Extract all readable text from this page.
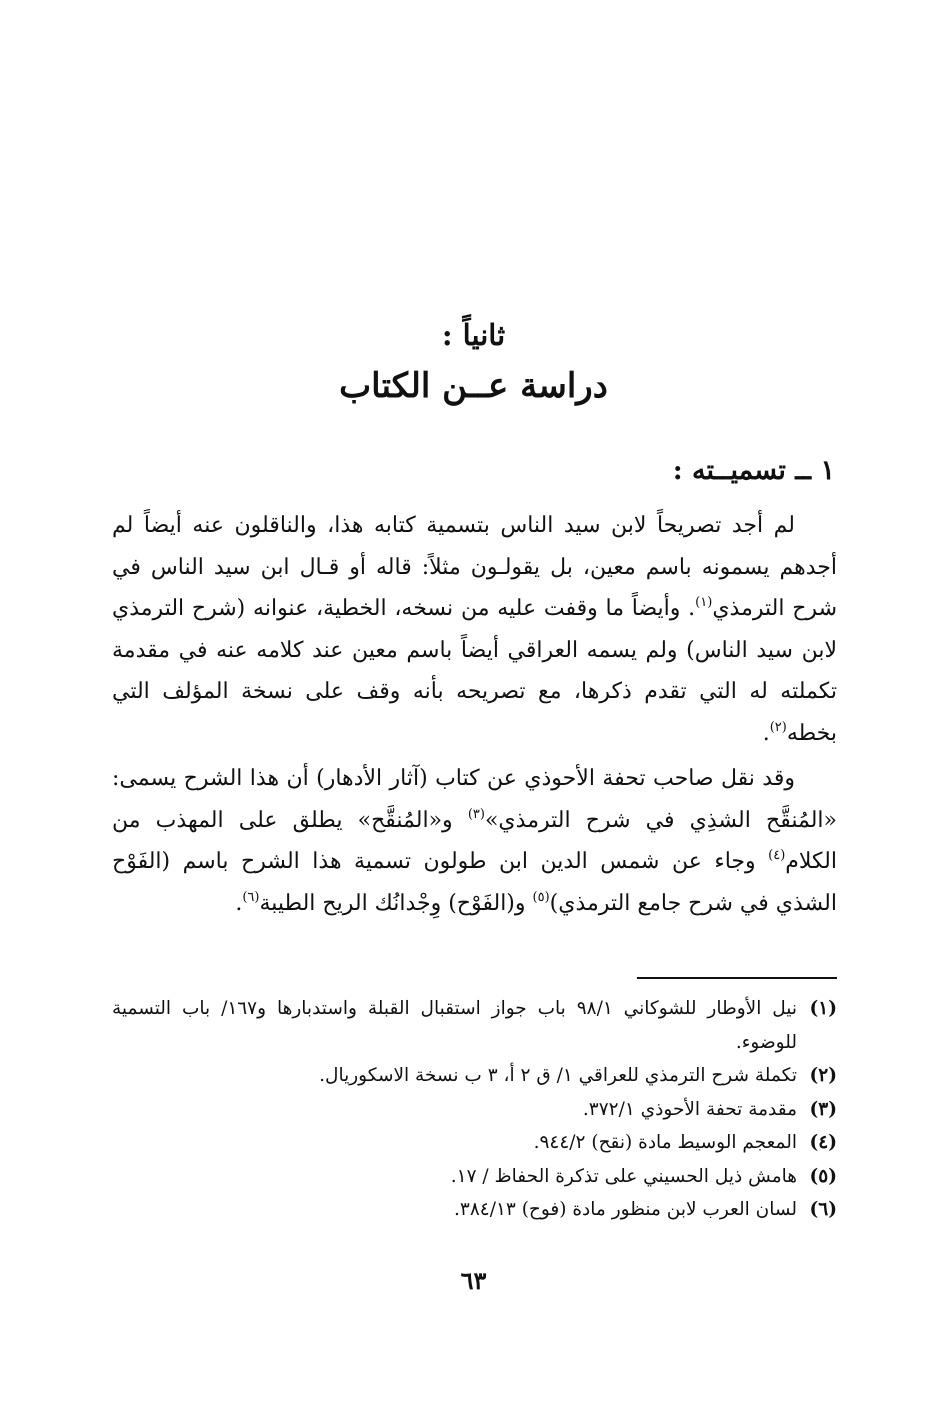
ثانياً :
دراسة عــن الكتاب
١ ــ تسميــته :

لم أجد تصريحاً لابن سيد الناس بتسمية كتابه هذا، والناقلون عنه أيضاً لم أجدهم يسمونه باسم معين، بل يقولـون مثلاً: قاله أو قـال ابن سيد الناس في شرح الترمذي$^{(١)}$. وأيضاً ما وقفت عليه من نسخه، الخطية، عنوانه (شرح الترمذي لابن سيد الناس) ولم يسمه العراقي أيضاً باسم معين عند كلامه عنه في مقدمة تكملته له التي تقدم ذكرها، مع تصريحه بأنه وقف على نسخة المؤلف التي بخطه$^{(٢)}$.

وقد نقل صاحب تحفة الأحوذي عن كتاب (آثار الأدهار) أن هذا الشرح يسمى: «المُنقَّح الشذِي في شرح الترمذي»$^{(٣)}$ و«المُنقَّح» يطلق على المهذب من الكلام$^{(٤)}$ وجاء عن شمس الدين ابن طولون تسمية هذا الشرح باسم (الفَوْح الشذي في شرح جامع الترمذي)$^{(٥)}$ و(الفَوْح) وِجْدانُك الريح الطيبة$^{(٦)}$.

(١)
نيل الأوطار للشوكاني ٩٨/١ باب جواز استقبال القبلة واستدبارها و١٦٧/ باب التسمية للوضوء.
(٢)
تكملة شرح الترمذي للعراقي ١/ ق ٢ أ، ٣ ب نسخة الاسكوريال.
(٣)
مقدمة تحفة الأحوذي ٣٧٢/١.
(٤)
المعجم الوسيط مادة (نقح) ٩٤٤/٢.
(٥)
هامش ذيل الحسيني على تذكرة الحفاظ / ١٧.
(٦)
لسان العرب لابن منظور مادة (فوح) ٣٨٤/١٣.
٦٣
